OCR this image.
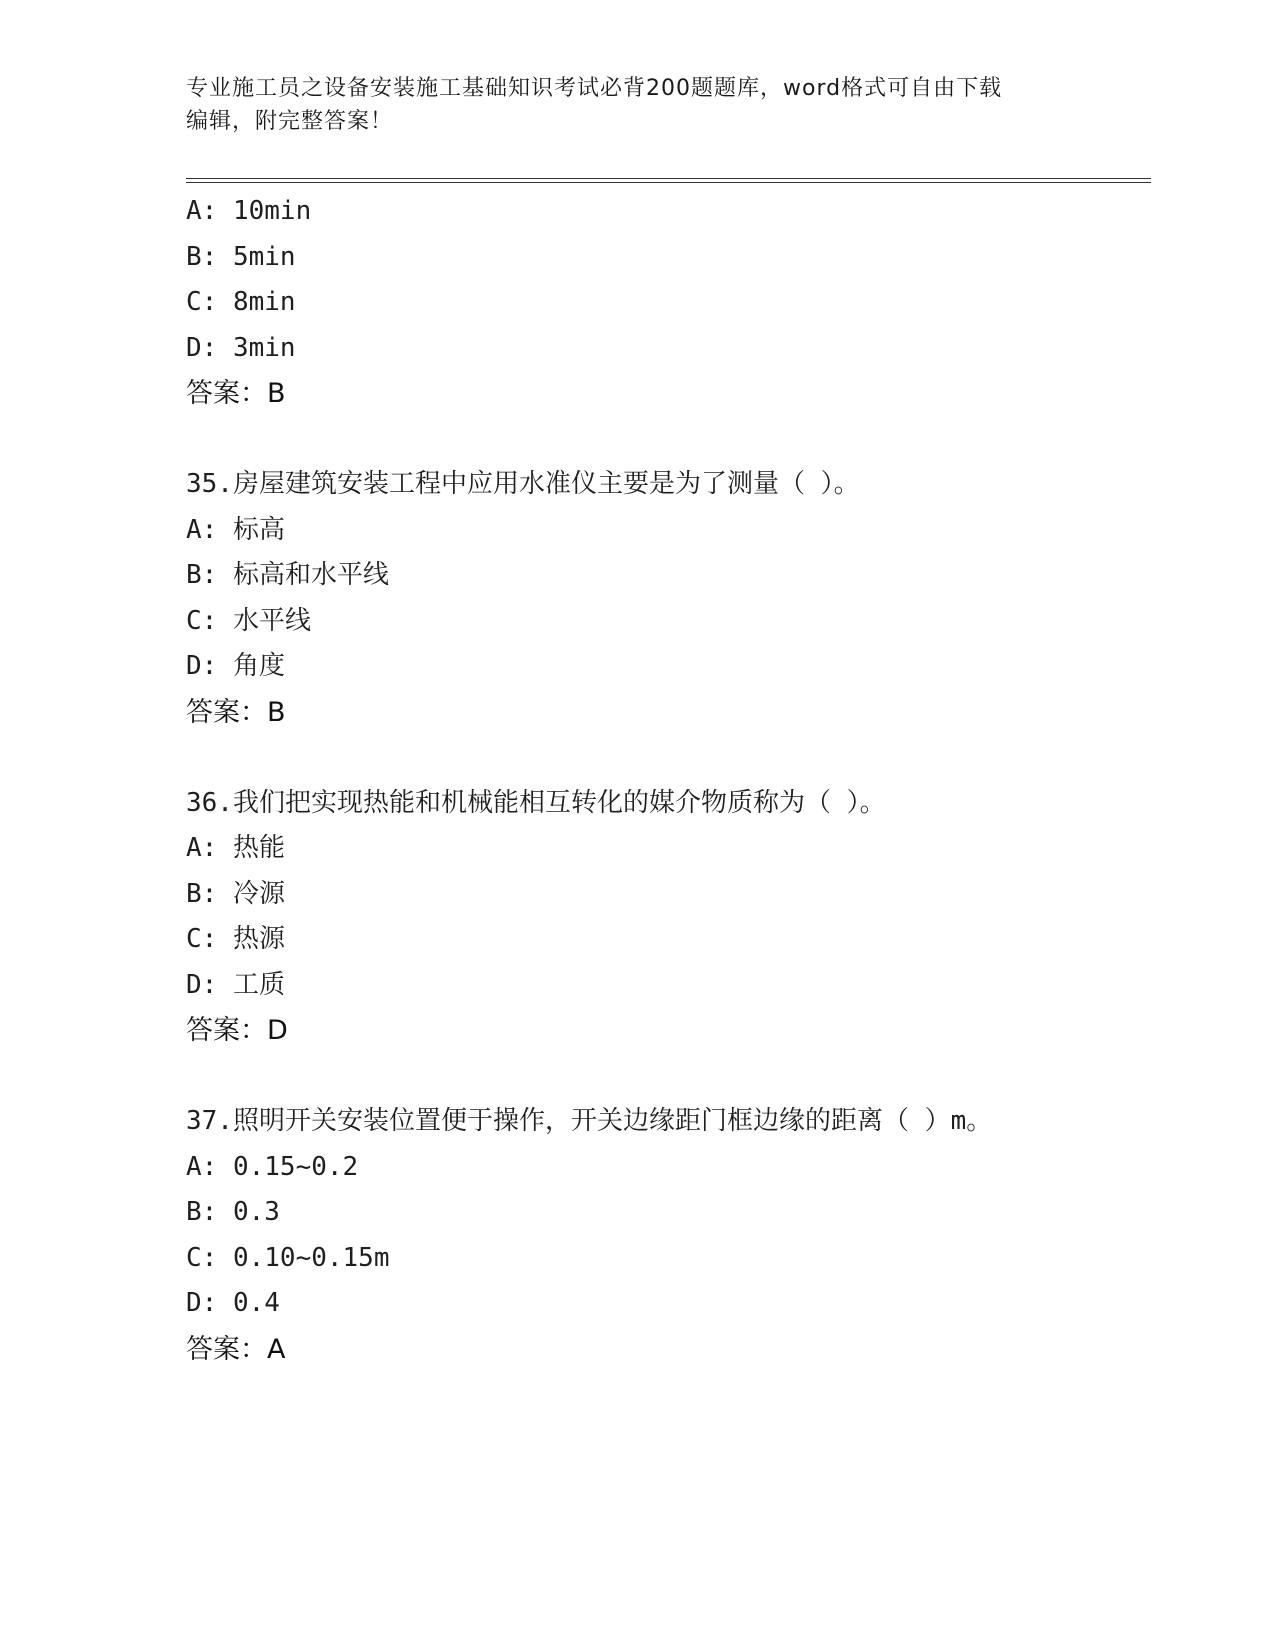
专业施工员之设备安装施工基础知识考试必背200题题库，word格式可自由下载
编辑，附完整答案！
A: 10min
B: 5min
C: 8min
D: 3min
答案：B
35.房屋建筑安装工程中应用水准仪主要是为了测量（ ）。
A: 标高
B: 标高和水平线
C: 水平线
D: 角度
答案：B
36.我们把实现热能和机械能相互转化的媒介物质称为（ ）。
A: 热能
B: 冷源
C: 热源
D: 工质
答案：D
37.照明开关安装位置便于操作，开关边缘距门框边缘的距离（ ）m。
A: 0.15~0.2
B: 0.3
C: 0.10~0.15m
D: 0.4
答案：A
